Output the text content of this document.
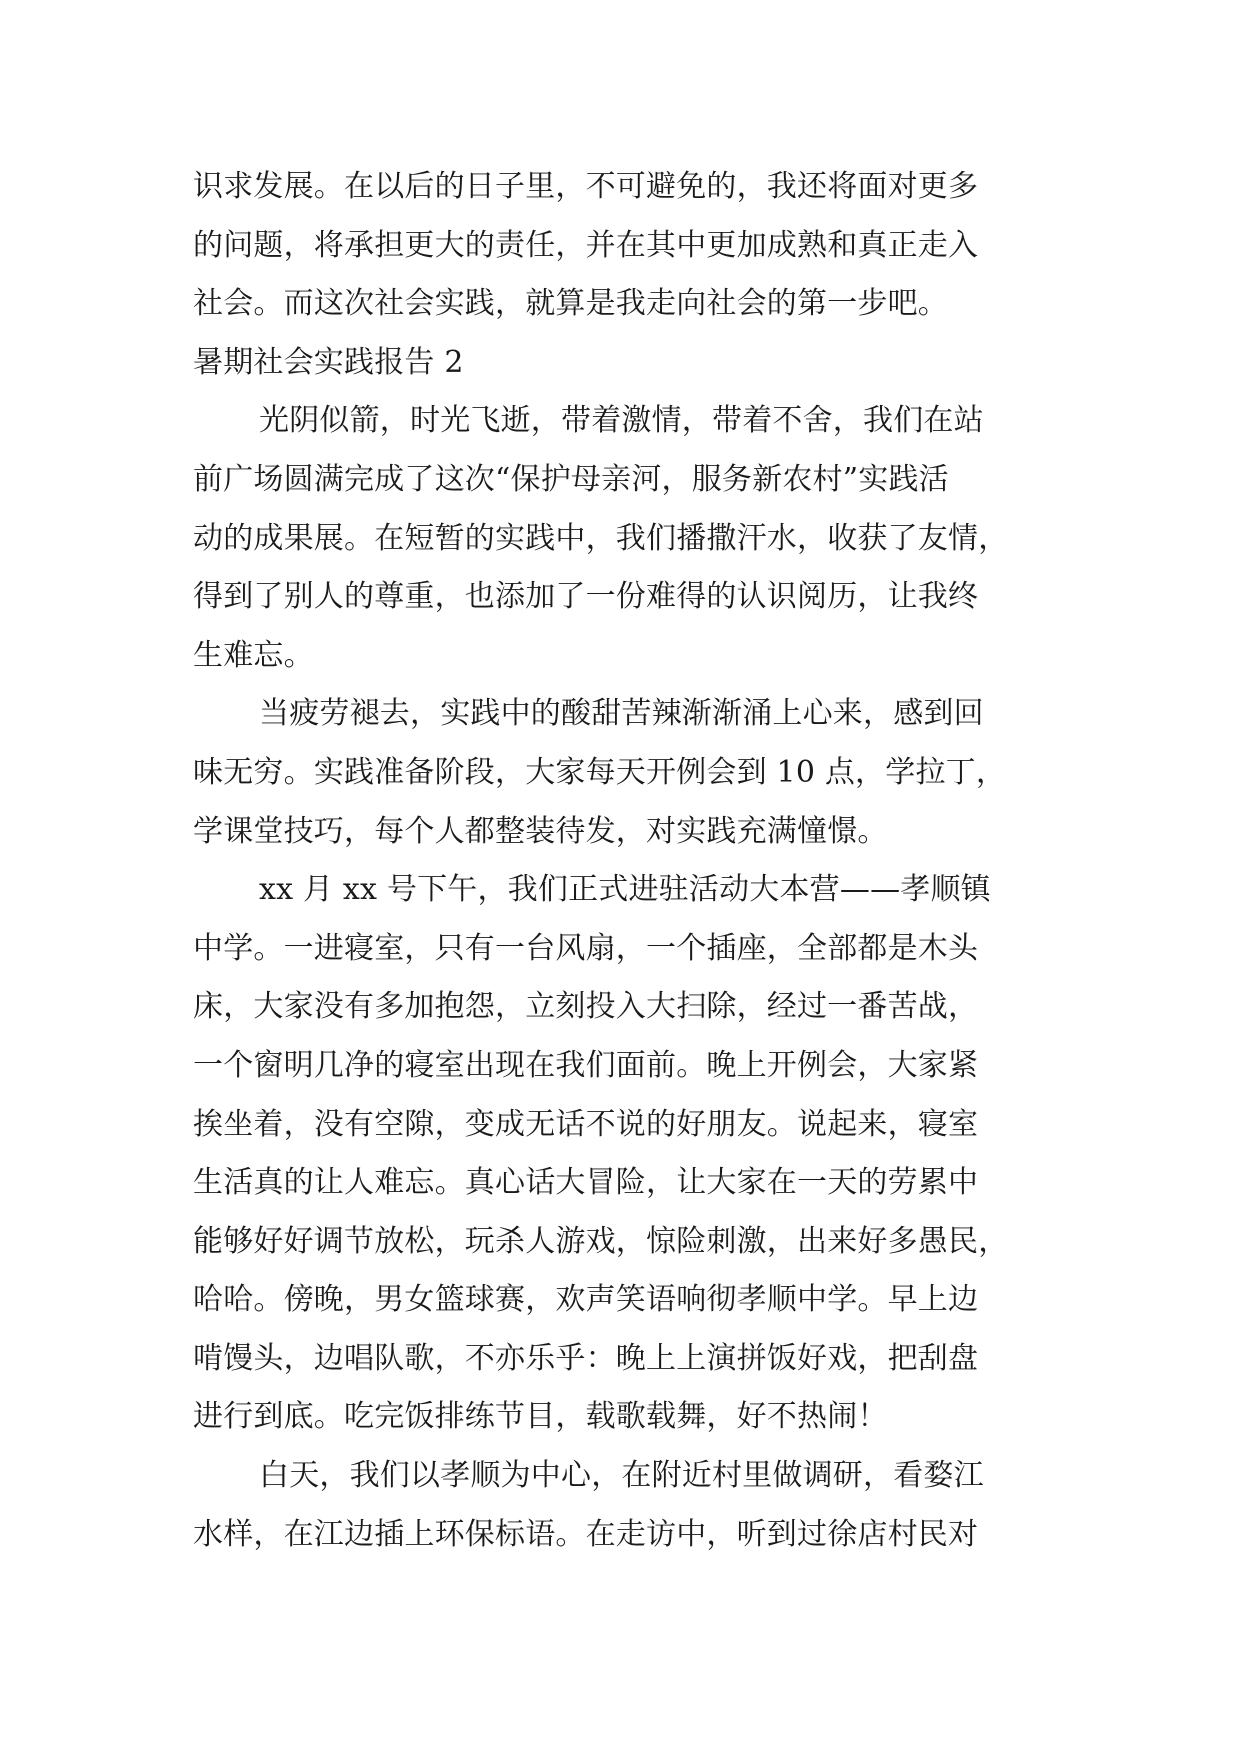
识求发展。在以后的日子里，不可避免的，我还将面对更多
的问题，将承担更大的责任，并在其中更加成熟和真正走入
社会。而这次社会实践，就算是我走向社会的第一步吧。

暑期社会实践报告 2

光阴似箭，时光飞逝，带着激情，带着不舍，我们在站
前广场圆满完成了这次“保护母亲河，服务新农村”实践活
动的成果展。在短暂的实践中，我们播撒汗水，收获了友情，
得到了别人的尊重，也添加了一份难得的认识阅历，让我终
生难忘。

当疲劳褪去，实践中的酸甜苦辣渐渐涌上心来，感到回
味无穷。实践准备阶段，大家每天开例会到 10 点，学拉丁，
学课堂技巧，每个人都整装待发，对实践充满憧憬。

xx 月 xx 号下午，我们正式进驻活动大本营——孝顺镇
中学。一进寝室，只有一台风扇，一个插座，全部都是木头
床，大家没有多加抱怨，立刻投入大扫除，经过一番苦战，
一个窗明几净的寝室出现在我们面前。晚上开例会，大家紧
挨坐着，没有空隙，变成无话不说的好朋友。说起来，寝室
生活真的让人难忘。真心话大冒险，让大家在一天的劳累中
能够好好调节放松，玩杀人游戏，惊险刺激，出来好多愚民，
哈哈。傍晚，男女篮球赛，欢声笑语响彻孝顺中学。早上边
啃馒头，边唱队歌，不亦乐乎：晚上上演拼饭好戏，把刮盘
进行到底。吃完饭排练节目，载歌载舞，好不热闹！

白天，我们以孝顺为中心，在附近村里做调研，看婺江
水样，在江边插上环保标语。在走访中，听到过徐店村民对
